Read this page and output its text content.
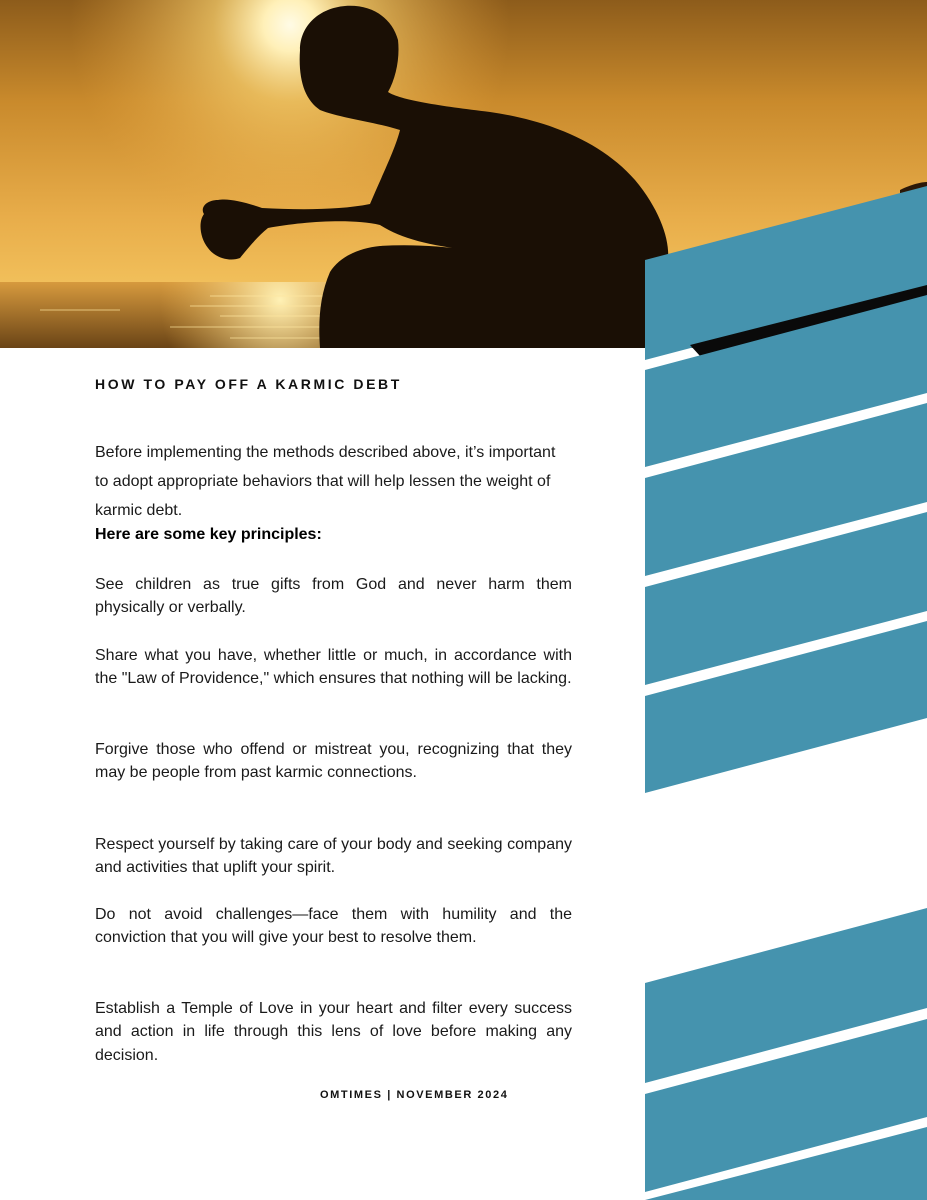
HOW TO PAY OFF A KARMIC DEBT

Before implementing the methods described above, it’s important to adopt appropriate behaviors that will help lessen the weight of karmic debt.

Here are some key principles:

See children as true gifts from God and never harm them physically or verbally.

Share what you have, whether little or much, in accordance with the "Law of Providence," which ensures that nothing will be lacking.

Forgive those who offend or mistreat you, recognizing that they may be people from past karmic connections.

Respect yourself by taking care of your body and seeking company and activities that uplift your spirit.

Do not avoid challenges—face them with humility and the conviction that you will give your best to resolve them.

Establish a Temple of Love in your heart and filter every success and action in life through this lens of love before making any decision.

OMTIMES | NOVEMBER 2024
